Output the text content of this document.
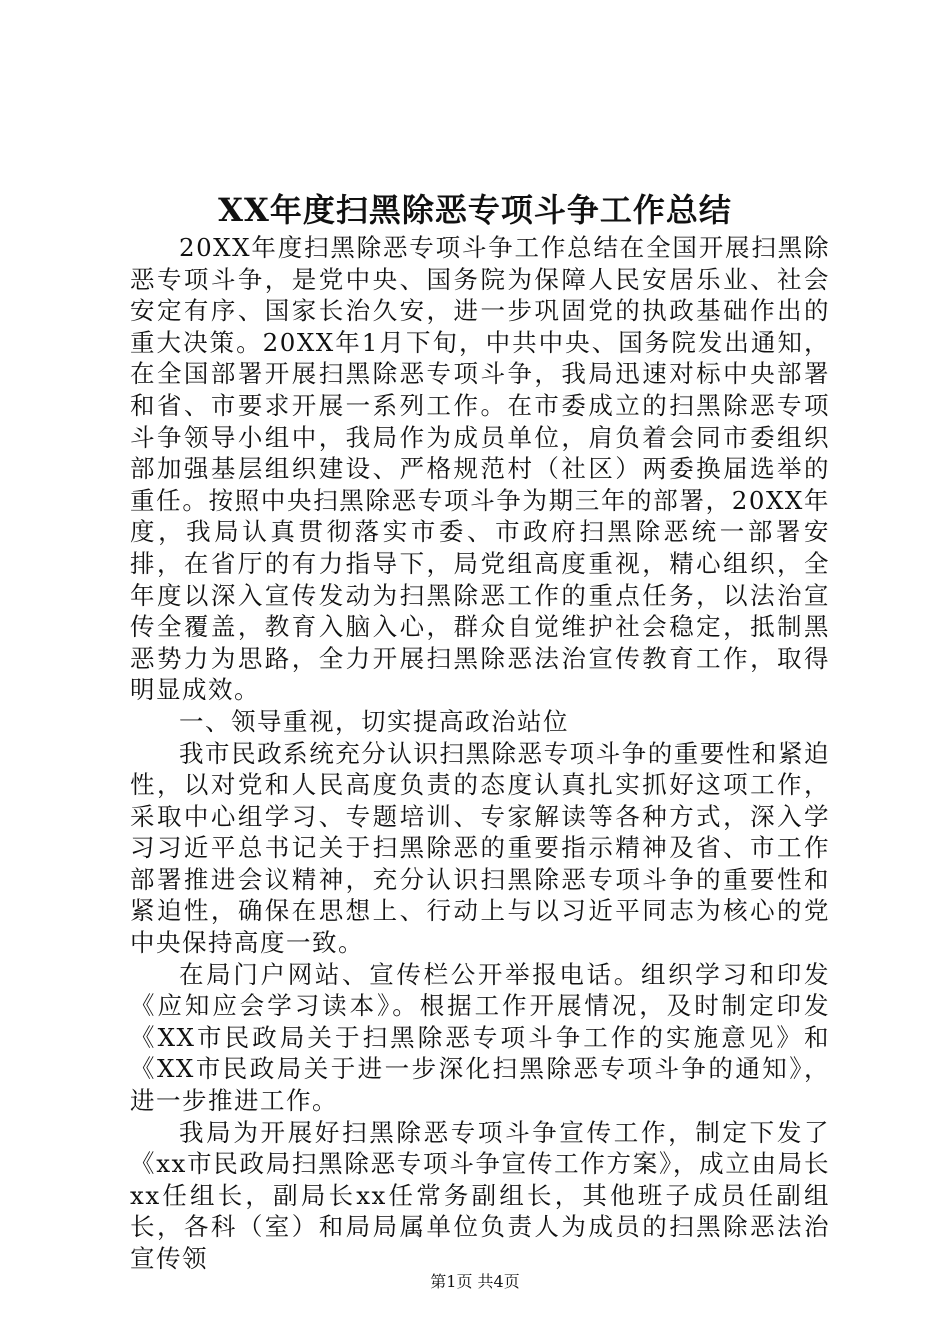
XX年度扫黑除恶专项斗争工作总结

20XX年度扫黑除恶专项斗争工作总结在全国开展扫黑除恶专项斗争，是党中央、国务院为保障人民安居乐业、社会安定有序、国家长治久安，进一步巩固党的执政基础作出的重大决策。20XX年1月下旬，中共中央、国务院发出通知，在全国部署开展扫黑除恶专项斗争，我局迅速对标中央部署和省、市要求开展一系列工作。在市委成立的扫黑除恶专项斗争领导小组中，我局作为成员单位，肩负着会同市委组织部加强基层组织建设、严格规范村（社区）两委换届选举的重任。按照中央扫黑除恶专项斗争为期三年的部署，20XX年度，我局认真贯彻落实市委、市政府扫黑除恶统一部署安排，在省厅的有力指导下，局党组高度重视，精心组织，全年度以深入宣传发动为扫黑除恶工作的重点任务，以法治宣传全覆盖，教育入脑入心，群众自觉维护社会稳定，抵制黑恶势力为思路，全力开展扫黑除恶法治宣传教育工作，取得明显成效。

一、领导重视，切实提高政治站位

我市民政系统充分认识扫黑除恶专项斗争的重要性和紧迫性，以对党和人民高度负责的态度认真扎实抓好这项工作，采取中心组学习、专题培训、专家解读等各种方式，深入学习习近平总书记关于扫黑除恶的重要指示精神及省、市工作部署推进会议精神，充分认识扫黑除恶专项斗争的重要性和紧迫性，确保在思想上、行动上与以习近平同志为核心的党中央保持高度一致。

在局门户网站、宣传栏公开举报电话。组织学习和印发《应知应会学习读本》。根据工作开展情况，及时制定印发《XX市民政局关于扫黑除恶专项斗争工作的实施意见》和《XX市民政局关于进一步深化扫黑除恶专项斗争的通知》，进一步推进工作。

我局为开展好扫黑除恶专项斗争宣传工作，制定下发了《xx市民政局扫黑除恶专项斗争宣传工作方案》，成立由局长xx任组长，副局长xx任常务副组长，其他班子成员任副组长，各科（室）和局局属单位负责人为成员的扫黑除恶法治宣传领

第1页 共4页
